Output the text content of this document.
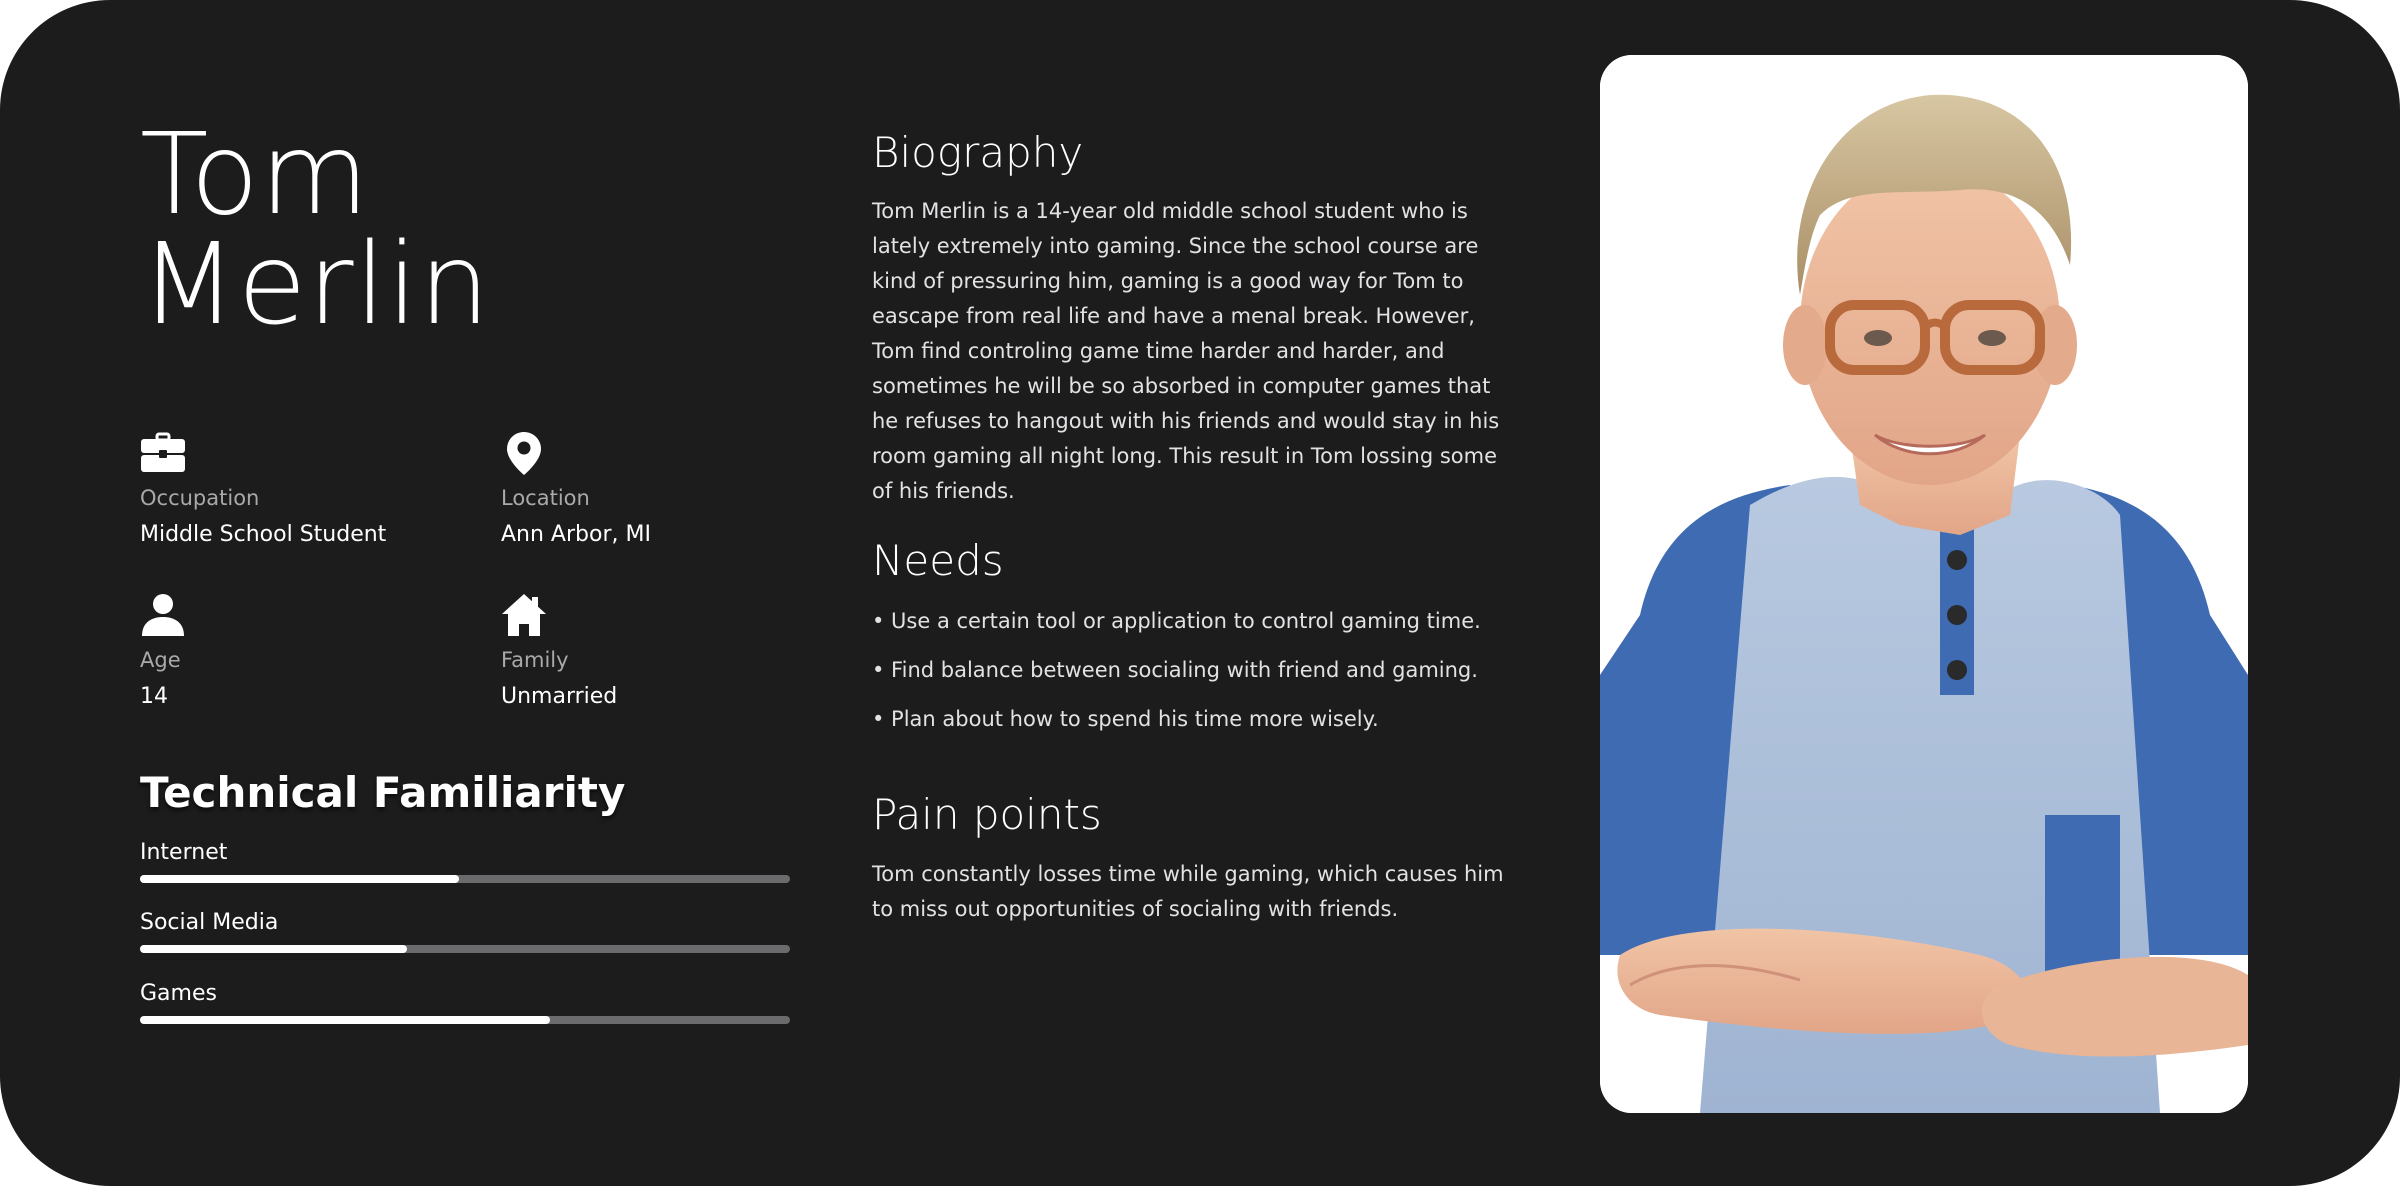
Tom
Merlin
Occupation
Middle School Student
Location
Ann Arbor, MI
Age
14
Family
Unmarried
Technical Familiarity
Internet
Social Media
Games
Biography
Tom Merlin is a 14-year old middle school student who is lately extremely into gaming. Since the school course are kind of pressuring him, gaming is a good way for Tom to eascape from real life and have a menal break. However, Tom find controling game time harder and harder, and sometimes he will be so absorbed in computer games that he refuses to hangout with his friends and would stay in his room gaming all night long. This result in Tom lossing some of his friends.
Needs
• Use a certain tool or application to control gaming time.
• Find balance between socialing with friend and gaming.
• Plan about how to spend his time more wisely.
Pain points
Tom constantly losses time while gaming, which causes him to miss out opportunities of socialing with friends.
